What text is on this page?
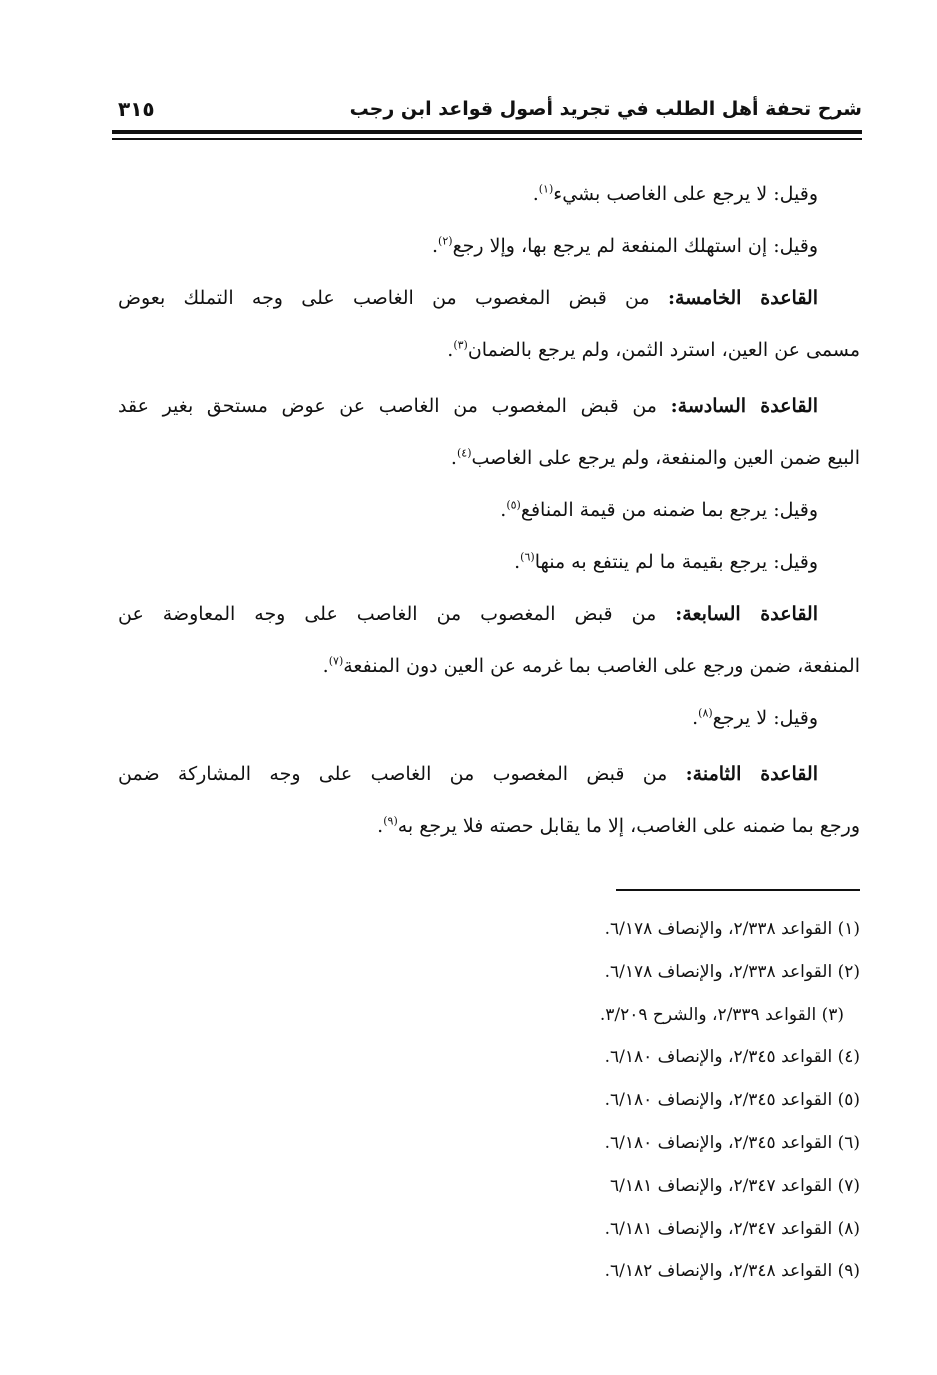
شرح تحفة أهل الطلب في تجريد أصول قواعد ابن رجب
٣١٥
وقيل: لا يرجع على الغاصب بشيء$^{(١)}$.
وقيل: إن استهلك المنفعة لم يرجع بها، وإلا رجع$^{(٢)}$.
القاعدة الخامسة: من قبض المغصوب من الغاصب على وجه التملك بعوض
مسمى عن العين، استرد الثمن، ولم يرجع بالضمان$^{(٣)}$.
القاعدة السادسة: من قبض المغصوب من الغاصب عن عوض مستحق بغير عقد
البيع ضمن العين والمنفعة، ولم يرجع على الغاصب$^{(٤)}$.
وقيل: يرجع بما ضمنه من قيمة المنافع$^{(٥)}$.
وقيل: يرجع بقيمة ما لم ينتفع به منها$^{(٦)}$.
القاعدة السابعة: من قبض المغصوب من الغاصب على وجه المعاوضة عن
المنفعة، ضمن ورجع على الغاصب بما غرمه عن العين دون المنفعة$^{(٧)}$.
وقيل: لا يرجع$^{(٨)}$.
القاعدة الثامنة: من قبض المغصوب من الغاصب على وجه المشاركة ضمن
ورجع بما ضمنه على الغاصب، إلا ما يقابل حصته فلا يرجع به$^{(٩)}$.
(١) القواعد ٢/٣٣٨، والإنصاف ٦/١٧٨.
(٢) القواعد ٢/٣٣٨، والإنصاف ٦/١٧٨.
(٣) القواعد ٢/٣٣٩، والشرح ٣/٢٠٩.
(٤) القواعد ٢/٣٤٥، والإنصاف ٦/١٨٠.
(٥) القواعد ٢/٣٤٥، والإنصاف ٦/١٨٠.
(٦) القواعد ٢/٣٤٥، والإنصاف ٦/١٨٠.
(٧) القواعد ٢/٣٤٧، والإنصاف ٦/١٨١
(٨) القواعد ٢/٣٤٧، والإنصاف ٦/١٨١.
(٩) القواعد ٢/٣٤٨، والإنصاف ٦/١٨٢.
